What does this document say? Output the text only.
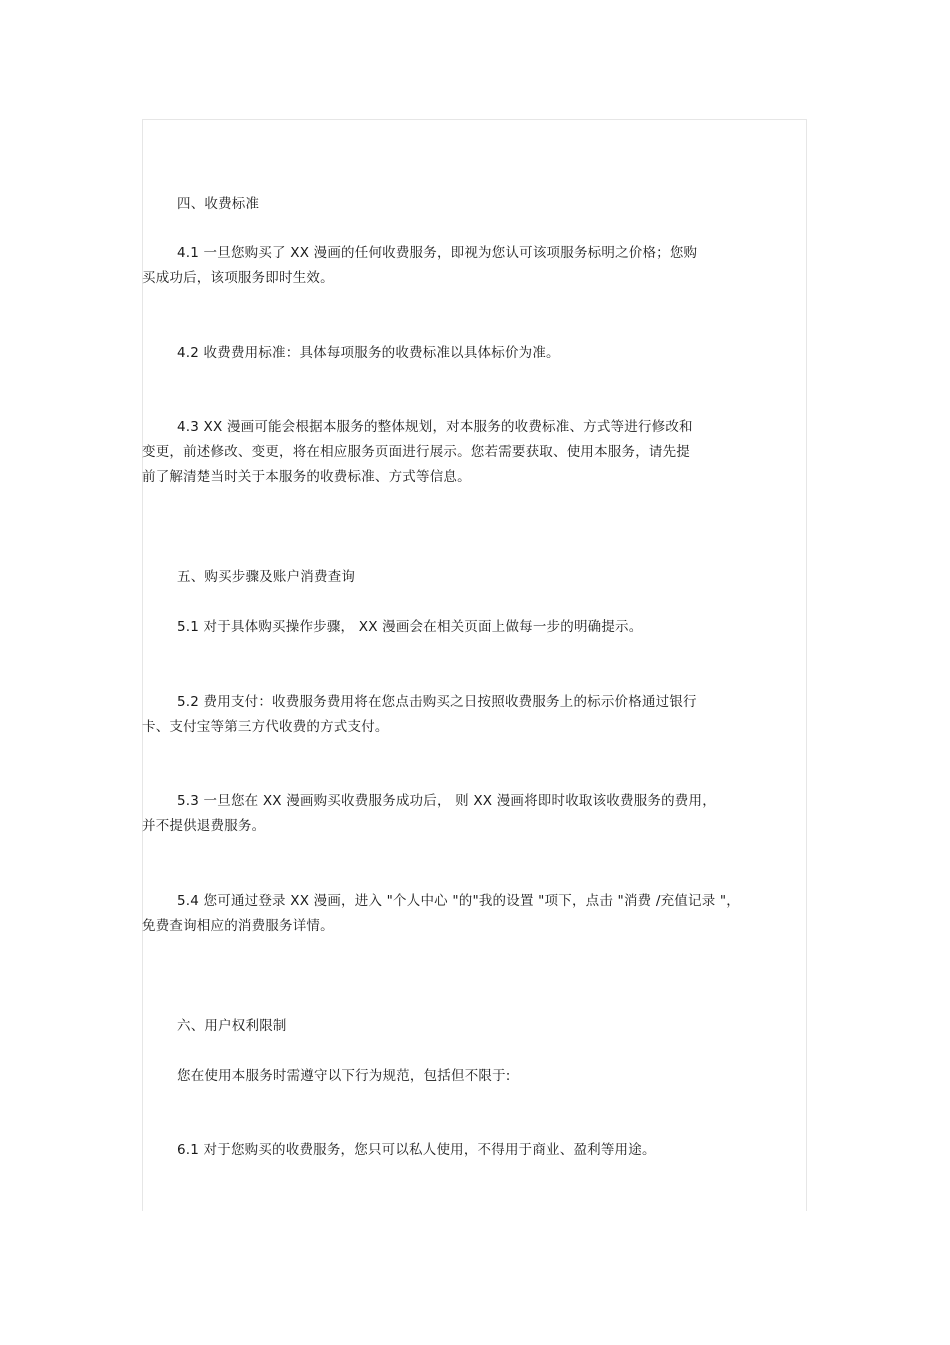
四、收费标准
4.1 一旦您购买了 XX 漫画的任何收费服务，即视为您认可该项服务标明之价格；您购
买成功后，该项服务即时生效。
4.2 收费费用标准：具体每项服务的收费标准以具体标价为准。
4.3 XX 漫画可能会根据本服务的整体规划，对本服务的收费标准、方式等进行修改和
变更，前述修改、变更，将在相应服务页面进行展示。您若需要获取、使用本服务，请先提
前了解清楚当时关于本服务的收费标准、方式等信息。
五、购买步骤及账户消费查询
5.1 对于具体购买操作步骤， XX 漫画会在相关页面上做每一步的明确提示。
5.2 费用支付：收费服务费用将在您点击购买之日按照收费服务上的标示价格通过银行
卡、支付宝等第三方代收费的方式支付。
5.3 一旦您在 XX 漫画购买收费服务成功后， 则 XX 漫画将即时收取该收费服务的费用，
并不提供退费服务。
5.4 您可通过登录 XX 漫画，进入 "个人中心 "的"我的设置 "项下，点击 "消费 /充值记录 "，
免费查询相应的消费服务详情。
六、用户权利限制
您在使用本服务时需遵守以下行为规范，包括但不限于:
6.1 对于您购买的收费服务，您只可以私人使用，不得用于商业、盈利等用途。
